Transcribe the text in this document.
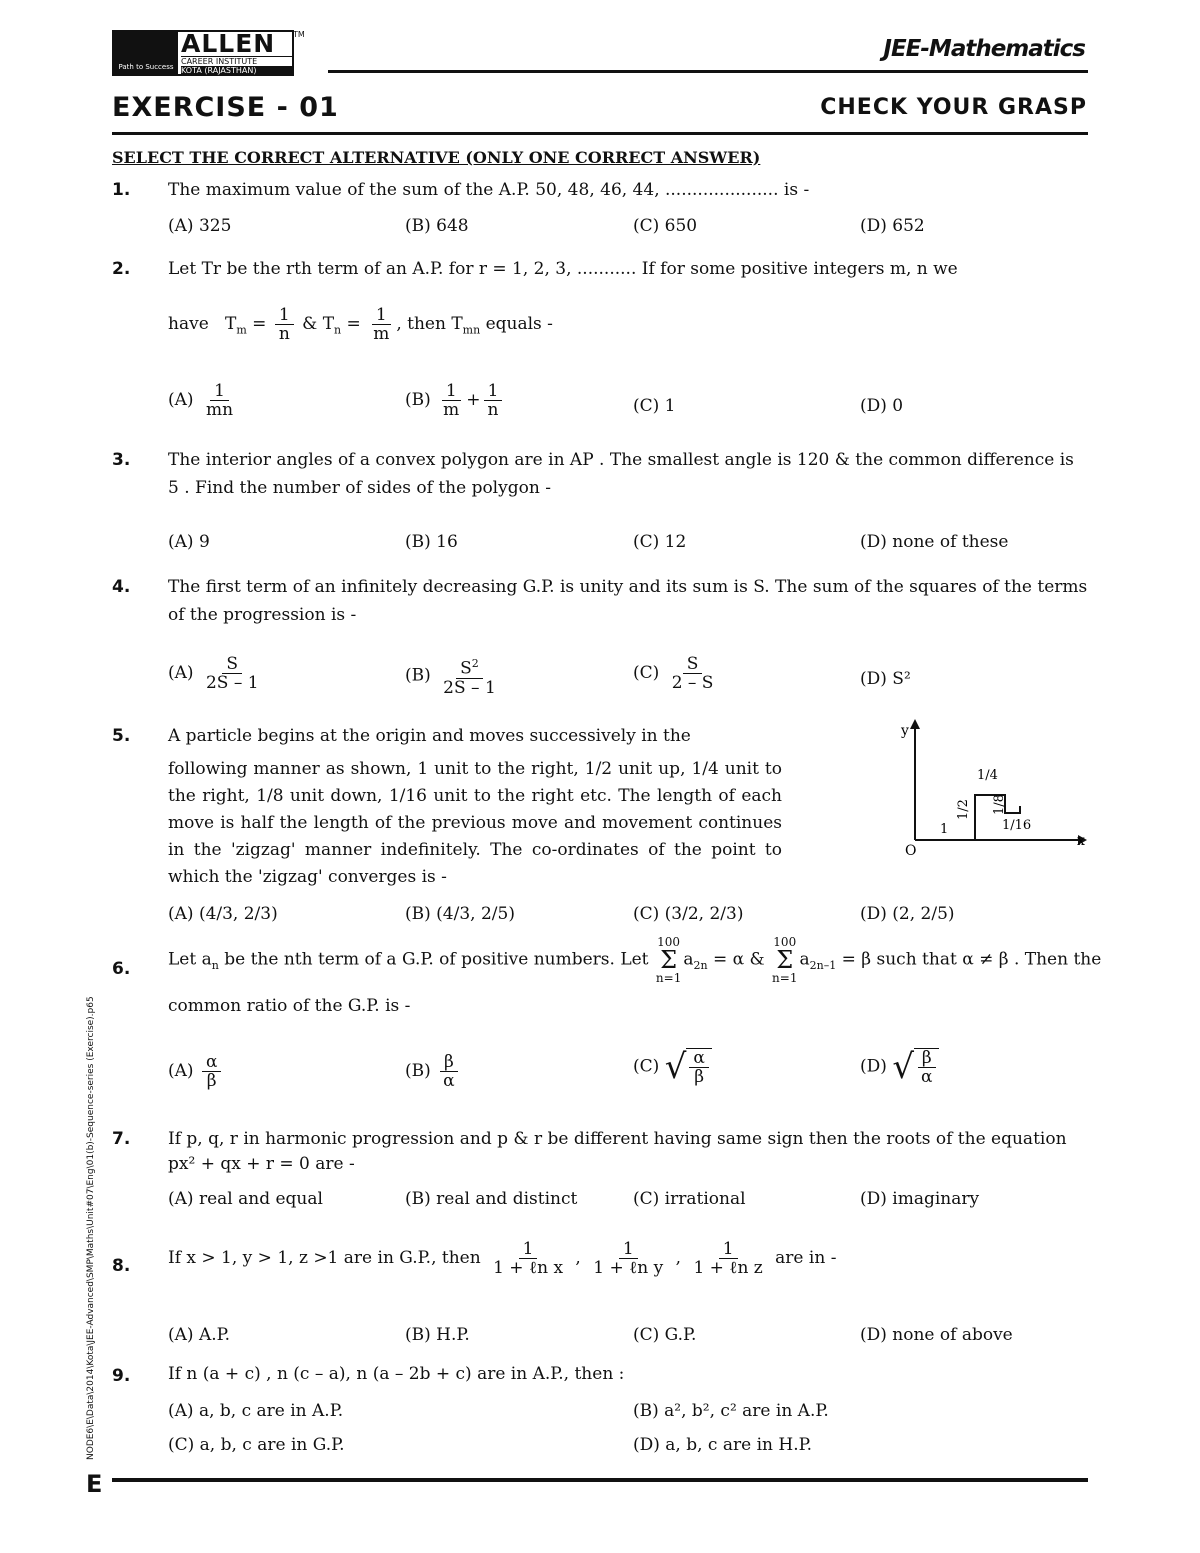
Path to Success
ALLEN
CAREER INSTITUTE
KOTA (RAJASTHAN)
TM
JEE-Mathematics
EXERCISE - 01	CHECK YOUR GRASP
SELECT THE CORRECT ALTERNATIVE (ONLY ONE CORRECT ANSWER)
1. The maximum value of the sum of the A.P. 50, 48, 46, 44, ..................... is -
(A) 325	(B) 648	(C) 650	(D) 652
2. Let Tr be the rth term of an A.P. for r = 1, 2, 3, ........... If for some positive integers m, n we
have   $T_m = \frac{1}{n}$ & $T_n = \frac{1}{m}$ , then $T_{mn}$ equals -
$(A) \frac{1}{mn}$	$(B) \frac{1}{m} + \frac{1}{n}$	(C) 1	(D) 0
3. The interior angles of a convex polygon are in AP . The smallest angle is 120 & the common difference is 5 . Find the number of sides of the polygon -
(A) 9	(B) 16	(C) 12	(D) none of these
4. The first term of an infinitely decreasing G.P. is unity and its sum is S. The sum of the squares of the terms of the progression is -
$(A) \frac{S}{2S - 1}$	$(B) \frac{S^2}{2S - 1}$	$(C) \frac{S}{2 - S}$	(D) S²
5. A particle begins at the origin and moves successively in the
following manner as shown, 1 unit to the right, 1/2 unit up, 1/4 unit to the right, 1/8 unit down, 1/16 unit to the right etc. The length of each move is half the length of the previous move and movement continues in the 'zigzag' manner indefinitely. The co-ordinates of the point to which the 'zigzag' converges is -
y
x
O
1
1/2
1/4
1/8
1/16
(A) (4/3, 2/3)	(B) (4/3, 2/5)	(C) (3/2, 2/3)	(D) (2, 2/5)
6. Let $a_n$ be the nth term of a G.P. of positive numbers. Let
100
Σ
n=1
$a_{2n} = \alpha$ &
100
Σ
n=1
$a_{2n-1} = \beta$ such that α ≠ β . Then the
common ratio of the G.P. is -
$(A) \frac{\alpha}{\beta}$	$(B) \frac{\beta}{\alpha}$	(C) √ $\frac{\alpha}{\beta}$	(D) √ $\frac{\beta}{\alpha}$
7. If p, q, r in harmonic progression and p & r be different having same sign then the roots of the equation
px² + qx + r = 0 are -
(A) real and equal	(B) real and distinct	(C) irrational	(D) imaginary
8. If x > 1, y > 1, z >1 are in G.P., then $\frac{1}{\text{1 + ℓn x}}$ , $\frac{1}{\text{1 + ℓn y}}$ , $\frac{1}{\text{1 + ℓn z}}$ are in -
(A) A.P.	(B) H.P.	(C) G.P.	(D) none of above
9. If n (a + c) , n (c – a), n (a – 2b + c) are in A.P., then :
(A) a, b, c are in A.P.	(B) a², b², c² are in A.P.
(C) a, b, c are in G.P.	(D) a, b, c are in H.P.
NODE6\E\Data\2014\Kota\JEE-Advanced\SMP\Maths\Unit#07\Eng\01(b)-Sequence-series (Exercise).p65
E
